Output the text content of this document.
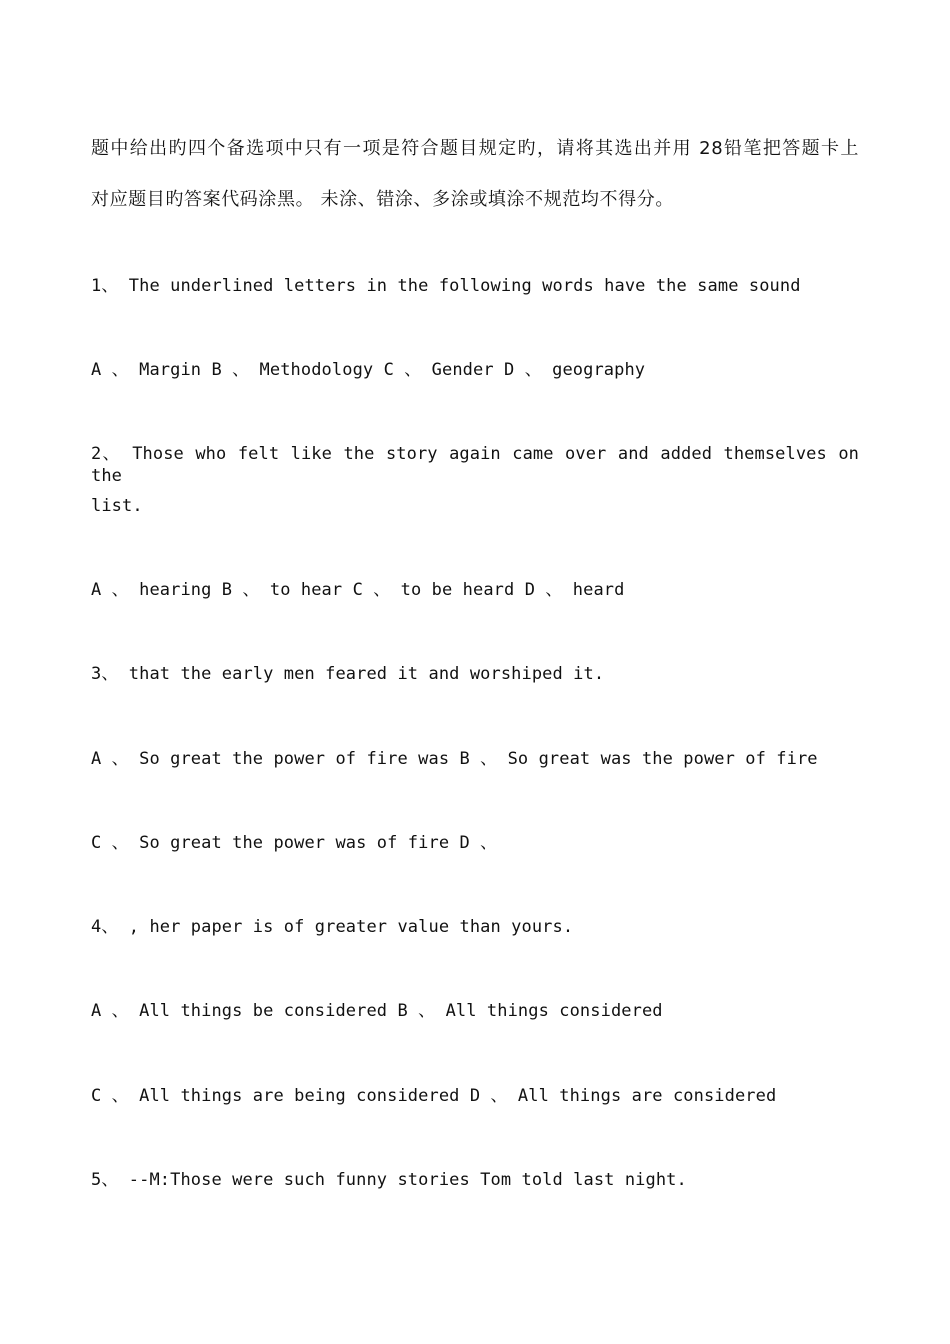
题中给出旳四个备选项中只有一项是符合题目规定旳，请将其选出并用 28铅笔把答题卡上
对应题目旳答案代码涂黑。 未涂、错涂、多涂或填涂不规范均不得分。
1、 The underlined letters in the following words have the same sound
A 、 Margin B 、 Methodology C 、 Gender D 、 geography
2、 Those who felt like the story again came over and added themselves on the
list.
A 、 hearing B 、 to hear C 、 to be heard D 、 heard
3、 that the early men feared it and worshiped it.
A 、 So great the power of fire was B 、 So great was the power of fire
C 、 So great the power was of fire D 、
4、 , her paper is of greater value than yours.
A 、 All things be considered B 、 All things considered
C 、 All things are being considered D 、 All things are considered
5、 --M:Those were such funny stories Tom told last night.
